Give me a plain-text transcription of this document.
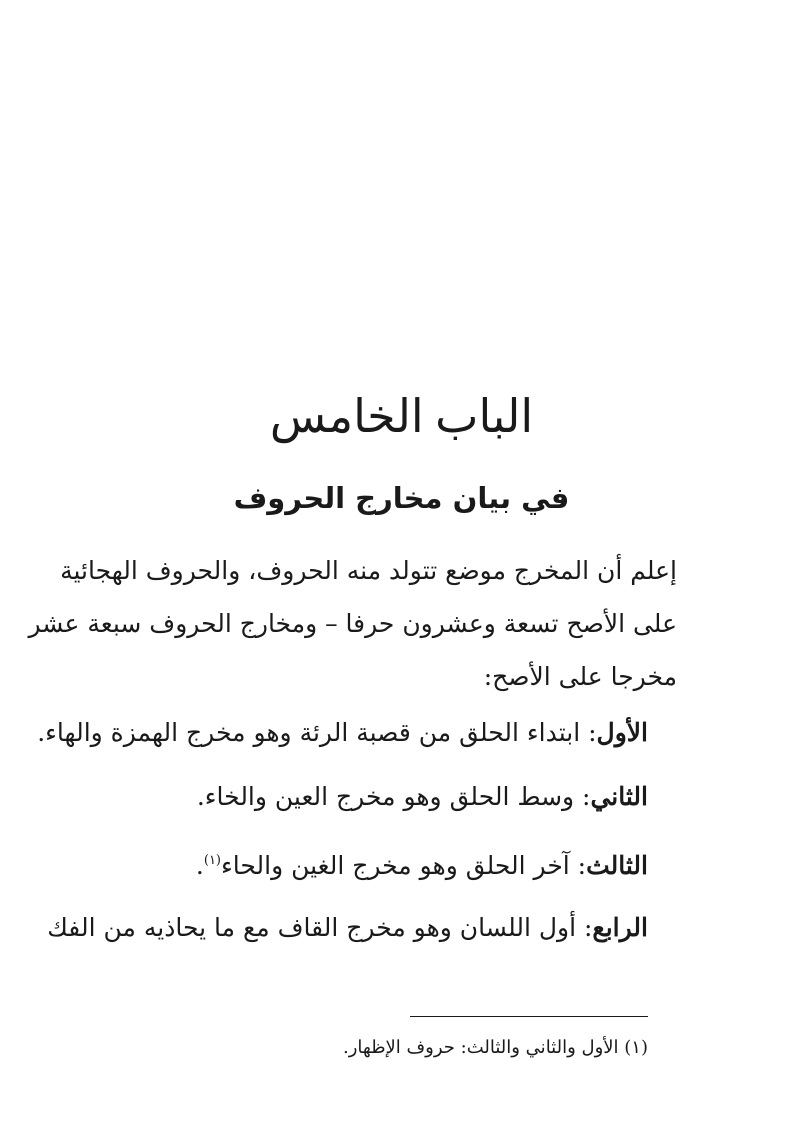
الباب الخامس
في بيان مخارج الحروف

إعلم أن المخرج موضع تتولد منه الحروف، والحروف الهجائية
على الأصح تسعة وعشرون حرفا – ومخارج الحروف سبعة عشر
مخرجا على الأصح:

الأول: ابتداء الحلق من قصبة الرئة وهو مخرج الهمزة والهاء.

الثاني: وسط الحلق وهو مخرج العين والخاء.

الثالث: آخر الحلق وهو مخرج الغين والحاء$^{(١)}$.

الرابع: أول اللسان وهو مخرج القاف مع ما يحاذيه من الفك

(١) الأول والثاني والثالث: حروف الإظهار.
